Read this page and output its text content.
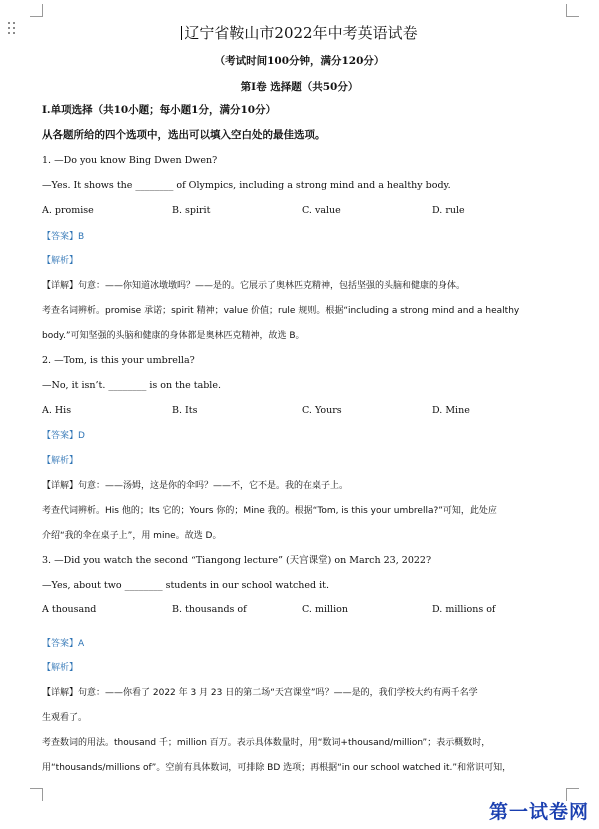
辽宁省鞍山市2022年中考英语试卷
（考试时间100分钟，满分120分）
第Ⅰ卷 选择题（共50分）
Ⅰ.单项选择（共10小题；每小题1分，满分10分）
从各题所给的四个选项中，选出可以填入空白处的最佳选项。
1. —Do you know Bing Dwen Dwen?
—Yes. It shows the ________ of Olympics, including a strong mind and a healthy body.
A. promise	B. spirit	C. value	D. rule
【答案】B
【解析】
【详解】句意：——你知道冰墩墩吗？——是的。它展示了奥林匹克精神，包括坚强的头脑和健康的身体。
考查名词辨析。promise 承诺；spirit 精神；value 价值；rule 规则。根据“including a strong mind and a healthy
body.”可知坚强的头脑和健康的身体都是奥林匹克精神，故选 B。
2. —Tom, is this your umbrella?
—No, it isn’t. ________ is on the table.
A. His	B. Its	C. Yours	D. Mine
【答案】D
【解析】
【详解】句意：——汤姆，这是你的伞吗？——不，它不是。我的在桌子上。
考查代词辨析。His 他的；Its 它的；Yours 你的；Mine 我的。根据“Tom, is this your umbrella?”可知，此处应
介绍“我的伞在桌子上”，用 mine。故选 D。
3. —Did you watch the second “Tiangong lecture” (天宫课堂) on March 23, 2022?
—Yes, about two ________ students in our school watched it.
A thousand	B. thousands of	C. million	D. millions of
【答案】A
【解析】
【详解】句意：——你看了 2022 年 3 月 23 日的第二场“天宫课堂”吗？——是的，我们学校大约有两千名学
生观看了。
考查数词的用法。thousand 千；million 百万。表示具体数量时，用“数词+thousand/million”；表示概数时，
用“thousands/millions of”。空前有具体数词，可排除 BD 选项；再根据“in our school watched it.”和常识可知，
第一试卷网
